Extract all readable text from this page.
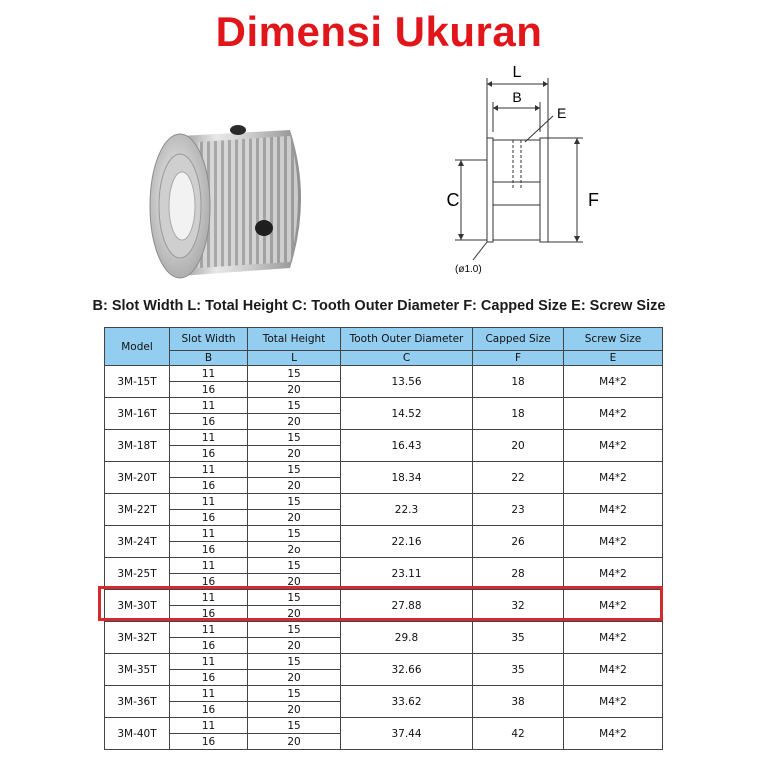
Dimensi Ukuran
L
B
E
C	F
(ø1.0)
B: Slot Width L: Total Height C: Tooth Outer Diameter F: Capped Size E: Screw Size
Model	Slot Width	Total Height	Tooth Outer Diameter	Capped Size	Screw Size
	B	L	C	F	E
3M-15T	11	15	13.56	18	M4*2
	16	20			
3M-16T	11	15	14.52	18	M4*2
	16	20			
3M-18T	11	15	16.43	20	M4*2
	16	20			
3M-20T	11	15	18.34	22	M4*2
	16	20			
3M-22T	11	15	22.3	23	M4*2
	16	20			
3M-24T	11	15	22.16	26	M4*2
	16	2o			
3M-25T	11	15	23.11	28	M4*2
	16	20			
3M-30T	11	15	27.88	32	M4*2
	16	20			
3M-32T	11	15	29.8	35	M4*2
	16	20			
3M-35T	11	15	32.66	35	M4*2
	16	20			
3M-36T	11	15	33.62	38	M4*2
	16	20			
3M-40T	11	15	37.44	42	M4*2
	16	20			
